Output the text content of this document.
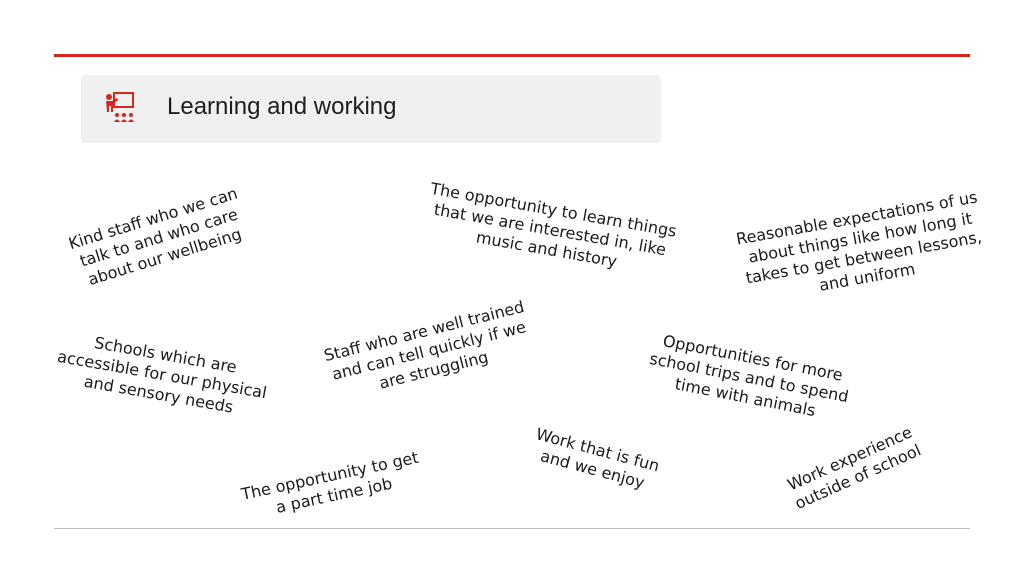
Learning and working
Kind staff who we can
talk to and who care
about our wellbeing
The opportunity to learn things
that we are interested in, like
music and history
Reasonable expectations of us
about things like how long it
takes to get between lessons,
and uniform
Schools which are
accessible for our physical
and sensory needs
Staff who are well trained
and can tell quickly if we
are struggling	Opportunities for more
school trips and to spend
time with animals
Work that is fun
and we enjoy
The opportunity to get
a part time job
Work experience
outside of school
